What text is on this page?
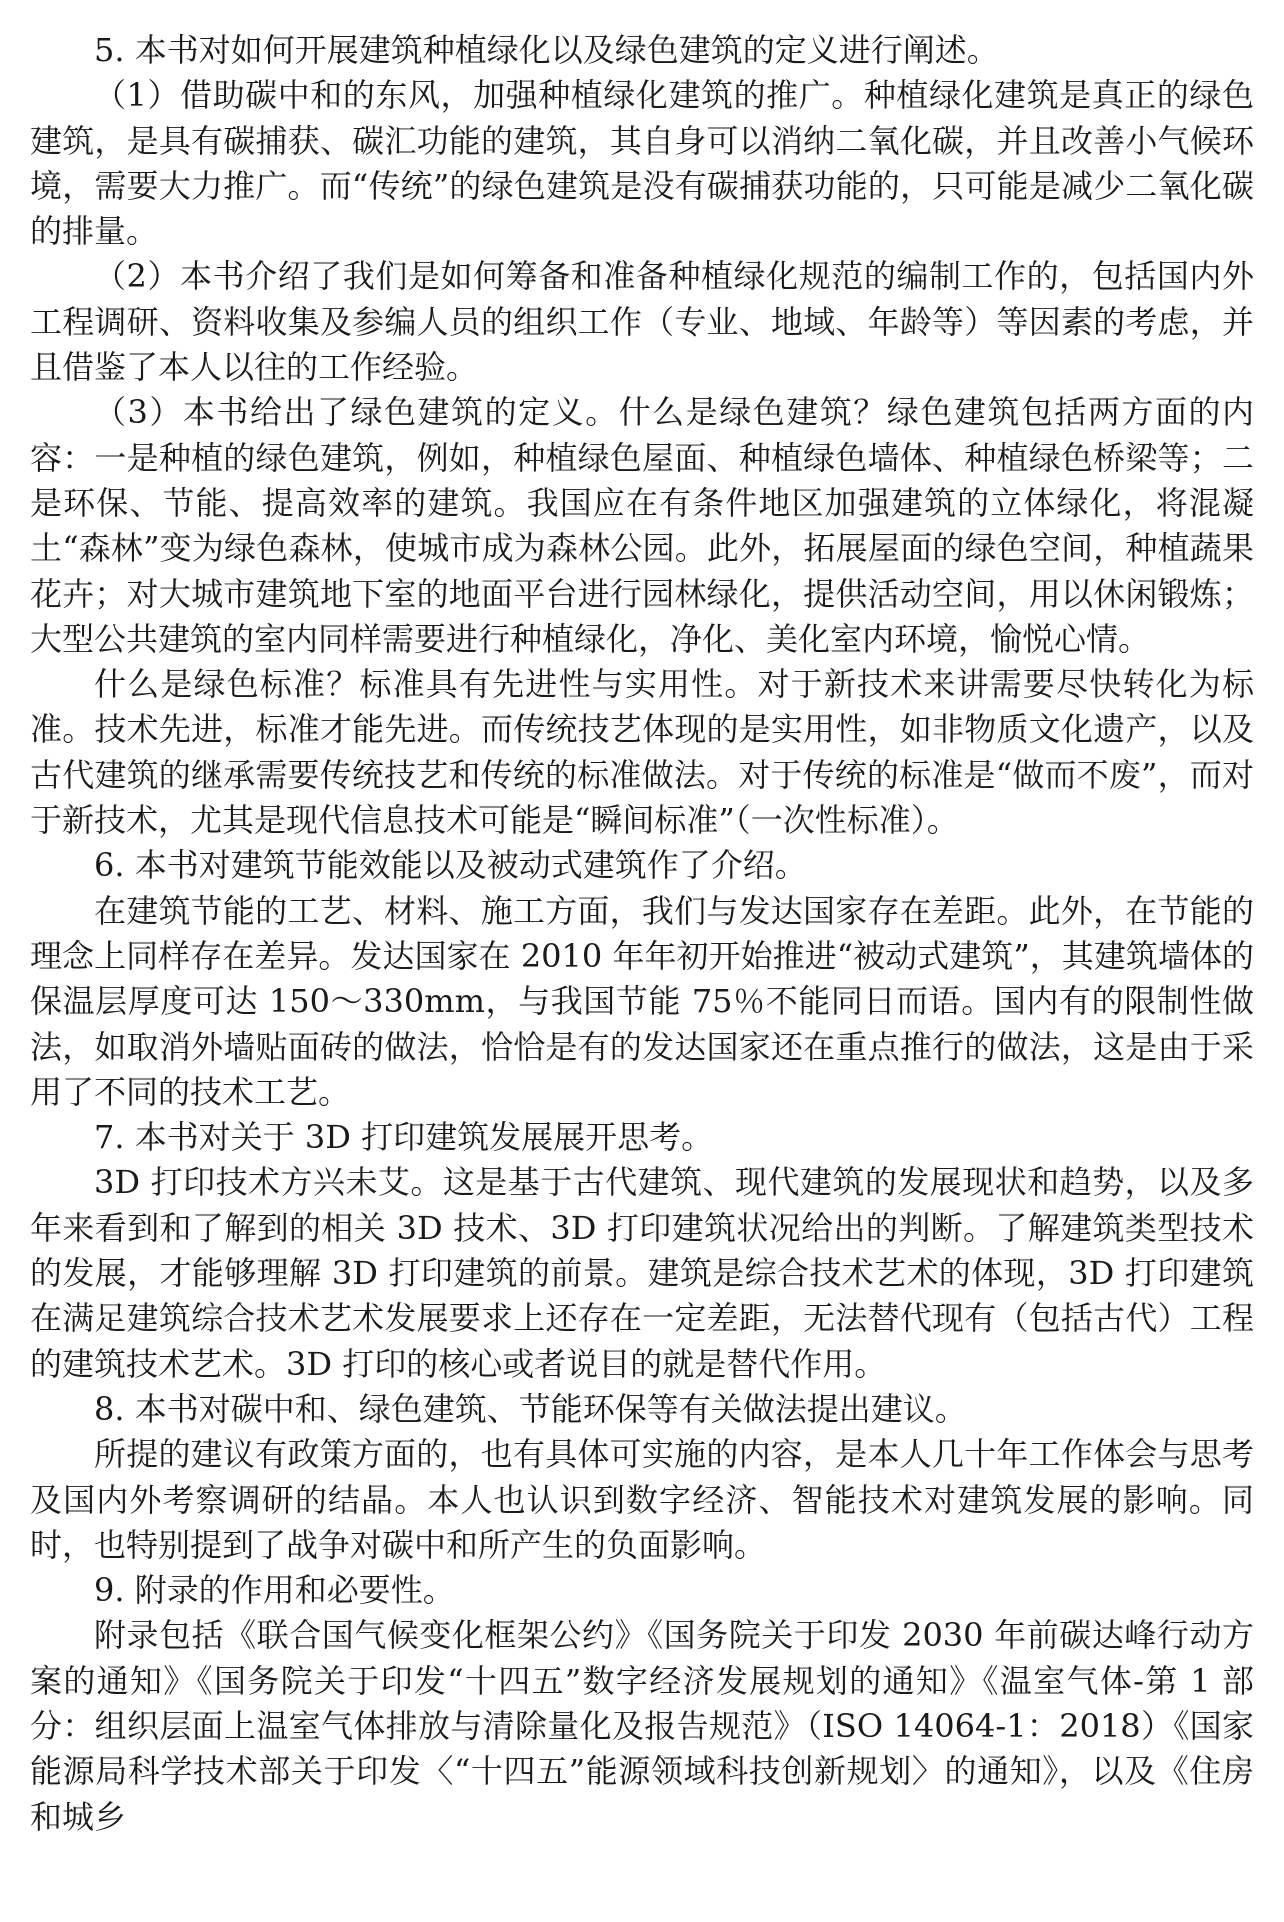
5. 本书对如何开展建筑种植绿化以及绿色建筑的定义进行阐述。

（1）借助碳中和的东风，加强种植绿化建筑的推广。种植绿化建筑是真正的绿色建筑，是具有碳捕获、碳汇功能的建筑，其自身可以消纳二氧化碳，并且改善小气候环境，需要大力推广。而“传统”的绿色建筑是没有碳捕获功能的，只可能是减少二氧化碳的排量。

（2）本书介绍了我们是如何筹备和准备种植绿化规范的编制工作的，包括国内外工程调研、资料收集及参编人员的组织工作（专业、地域、年龄等）等因素的考虑，并且借鉴了本人以往的工作经验。

（3）本书给出了绿色建筑的定义。什么是绿色建筑？绿色建筑包括两方面的内容：一是种植的绿色建筑，例如，种植绿色屋面、种植绿色墙体、种植绿色桥梁等；二是环保、节能、提高效率的建筑。我国应在有条件地区加强建筑的立体绿化，将混凝土“森林”变为绿色森林，使城市成为森林公园。此外，拓展屋面的绿色空间，种植蔬果花卉；对大城市建筑地下室的地面平台进行园林绿化，提供活动空间，用以休闲锻炼；大型公共建筑的室内同样需要进行种植绿化，净化、美化室内环境，愉悦心情。

什么是绿色标准？标准具有先进性与实用性。对于新技术来讲需要尽快转化为标准。技术先进，标准才能先进。而传统技艺体现的是实用性，如非物质文化遗产，以及古代建筑的继承需要传统技艺和传统的标准做法。对于传统的标准是“做而不废”，而对于新技术，尤其是现代信息技术可能是“瞬间标准”（一次性标准）。

6. 本书对建筑节能效能以及被动式建筑作了介绍。

在建筑节能的工艺、材料、施工方面，我们与发达国家存在差距。此外，在节能的理念上同样存在差异。发达国家在 2010 年年初开始推进“被动式建筑”，其建筑墙体的保温层厚度可达 150～330mm，与我国节能 75％不能同日而语。国内有的限制性做法，如取消外墙贴面砖的做法，恰恰是有的发达国家还在重点推行的做法，这是由于采用了不同的技术工艺。

7. 本书对关于 3D 打印建筑发展展开思考。

3D 打印技术方兴未艾。这是基于古代建筑、现代建筑的发展现状和趋势，以及多年来看到和了解到的相关 3D 技术、3D 打印建筑状况给出的判断。了解建筑类型技术的发展，才能够理解 3D 打印建筑的前景。建筑是综合技术艺术的体现，3D 打印建筑在满足建筑综合技术艺术发展要求上还存在一定差距，无法替代现有（包括古代）工程的建筑技术艺术。3D 打印的核心或者说目的就是替代作用。

8. 本书对碳中和、绿色建筑、节能环保等有关做法提出建议。

所提的建议有政策方面的，也有具体可实施的内容，是本人几十年工作体会与思考及国内外考察调研的结晶。本人也认识到数字经济、智能技术对建筑发展的影响。同时，也特别提到了战争对碳中和所产生的负面影响。

9. 附录的作用和必要性。

附录包括《联合国气候变化框架公约》《国务院关于印发 2030 年前碳达峰行动方案的通知》《国务院关于印发“十四五”数字经济发展规划的通知》《温室气体-第 1 部分：组织层面上温室气体排放与清除量化及报告规范》（ISO 14064-1：2018）《国家能源局科学技术部关于印发〈“十四五”能源领域科技创新规划〉的通知》，以及《住房和城乡
